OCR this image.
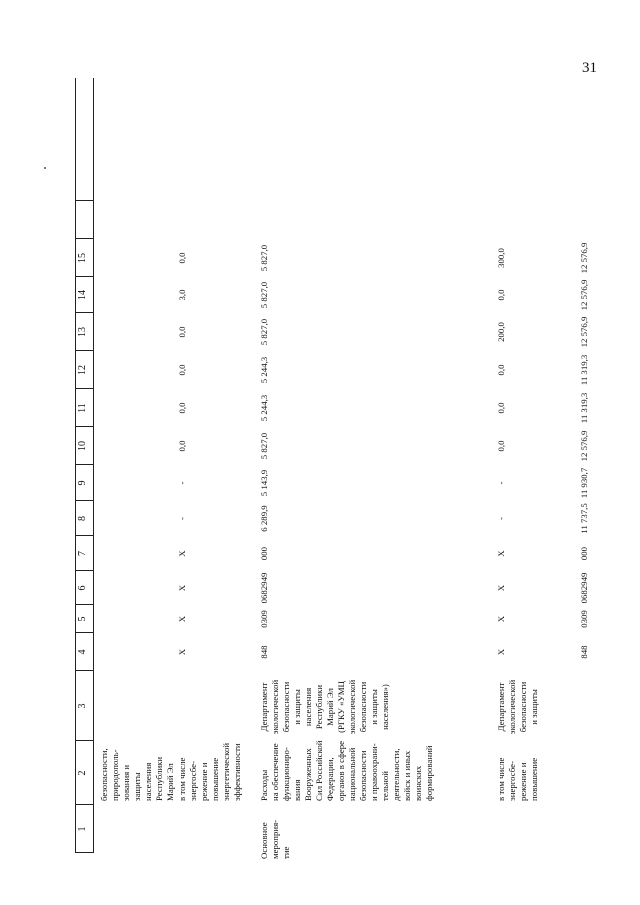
31
1
2
3
4
5
6
7
8
9
10
11
12
13
14
15
безопасности, природополь- зования и защиты населения Республики Марий Эл в том числе энергосбе- режение и повышение энергетической эффективности
X
X
X
X
-
-
0,0
0,0
0,0
0,0
3,0
0,0
Основное мероприя- тие
Расходы на обеспечение функциониро- вания Вооруженных Сил Российской Федерации, органов в сфере национальной безопасности и правоохрани- тельной деятельности, войск и иных воинских формирований
Департамент экологической безопасности и защиты населения Республики Марий Эл (РГКУ «УМЦ экологической безопасности и защиты населения»)
848
0309
0682949
000
6 289,9
5 143,9
5 827,0
5 244,3
5 244,3
5 827,0
5 827,0
5 827,0
в том числе энергосбе- режение и повышение
Департамент экологической безопасности и защиты
X
X
X
X
-
-
0,0
0,0
0,0
200,0
0,0
300,0
848
0309
0682949
000
11 737,5
11 930,7
12 576,9
11 319,3
11 319,3
12 576,9
12 576,9
12 576,9
